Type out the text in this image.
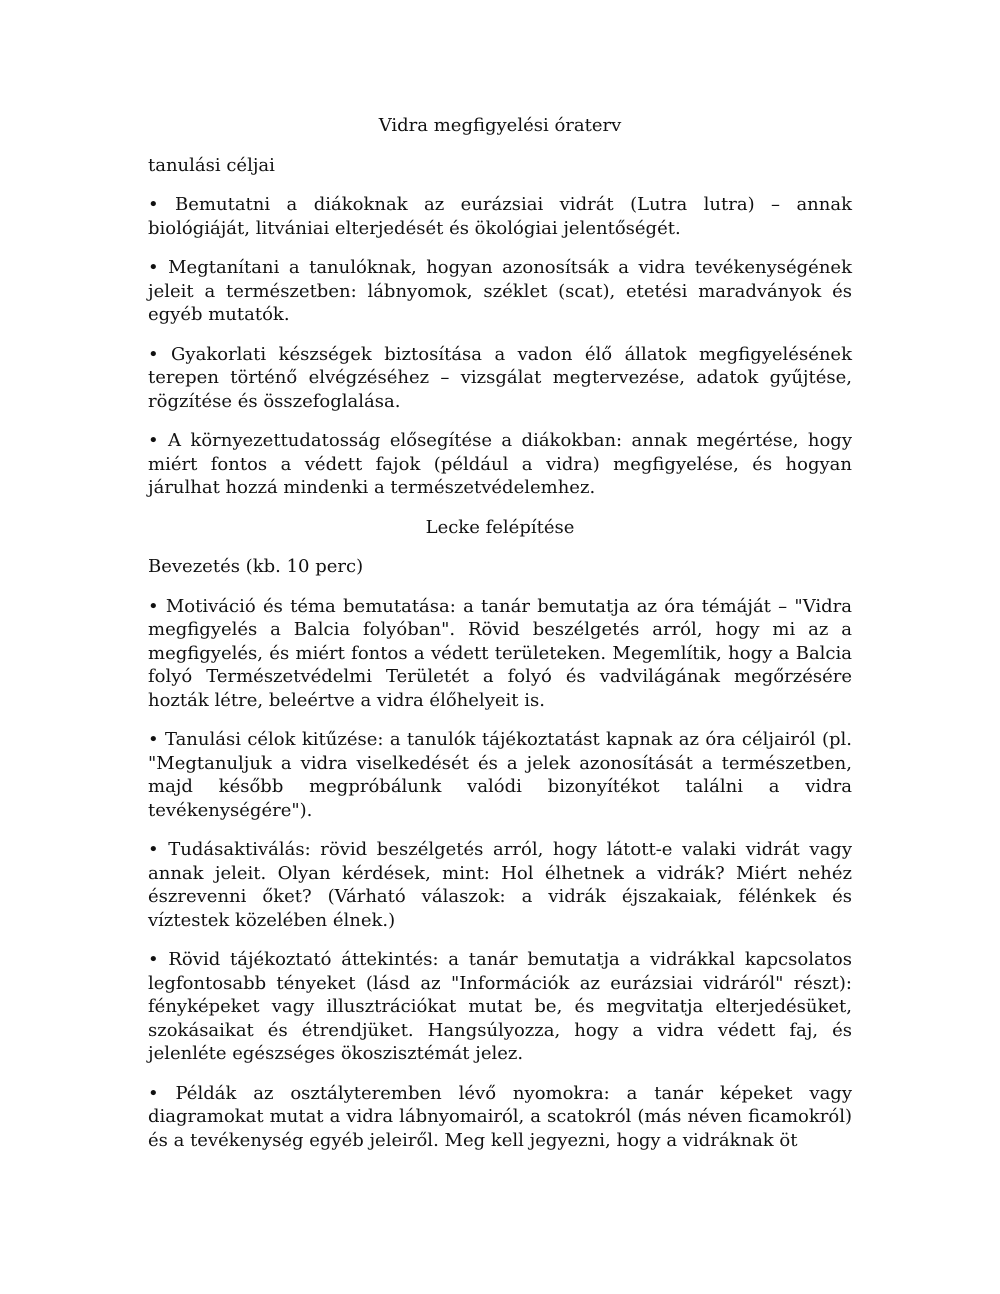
Vidra megfigyelési óraterv
tanulási céljai

• Bemutatni a diákoknak az eurázsiai vidrát (Lutra lutra) – annak biológiáját, litvániai elterjedését és ökológiai jelentőségét.

• Megtanítani a tanulóknak, hogyan azonosítsák a vidra tevékenységének jeleit a természetben: lábnyomok, széklet (scat), etetési maradványok és egyéb mutatók.

• Gyakorlati készségek biztosítása a vadon élő állatok megfigyelésének terepen történő elvégzéséhez – vizsgálat megtervezése, adatok gyűjtése, rögzítése és összefoglalása.

• A környezettudatosság elősegítése a diákokban: annak megértése, hogy miért fontos a védett fajok (például a vidra) megfigyelése, és hogyan járulhat hozzá mindenki a természetvédelemhez.

Lecke felépítése
Bevezetés (kb. 10 perc)

• Motiváció és téma bemutatása: a tanár bemutatja az óra témáját – "Vidra megfigyelés a Balcia folyóban". Rövid beszélgetés arról, hogy mi az a megfigyelés, és miért fontos a védett területeken. Megemlítik, hogy a Balcia folyó Természetvédelmi Területét a folyó és vadvilágának megőrzésére hozták létre, beleértve a vidra élőhelyeit is.

• Tanulási célok kitűzése: a tanulók tájékoztatást kapnak az óra céljairól (pl. "Megtanuljuk a vidra viselkedését és a jelek azonosítását a természetben, majd később megpróbálunk valódi bizonyítékot találni a vidra tevékenységére").

• Tudásaktiválás: rövid beszélgetés arról, hogy látott-e valaki vidrát vagy annak jeleit. Olyan kérdések, mint: Hol élhetnek a vidrák? Miért nehéz észrevenni őket? (Várható válaszok: a vidrák éjszakaiak, félénkek és víztestek közelében élnek.)

• Rövid tájékoztató áttekintés: a tanár bemutatja a vidrákkal kapcsolatos legfontosabb tényeket (lásd az "Információk az eurázsiai vidráról" részt): fényképeket vagy illusztrációkat mutat be, és megvitatja elterjedésüket, szokásaikat és étrendjüket. Hangsúlyozza, hogy a vidra védett faj, és jelenléte egészséges ökoszisztémát jelez.

• Példák az osztályteremben lévő nyomokra: a tanár képeket vagy diagramokat mutat a vidra lábnyomairól, a scatokról (más néven ficamokról) és a tevékenység egyéb jeleiről. Meg kell jegyezni, hogy a vidráknak öt
